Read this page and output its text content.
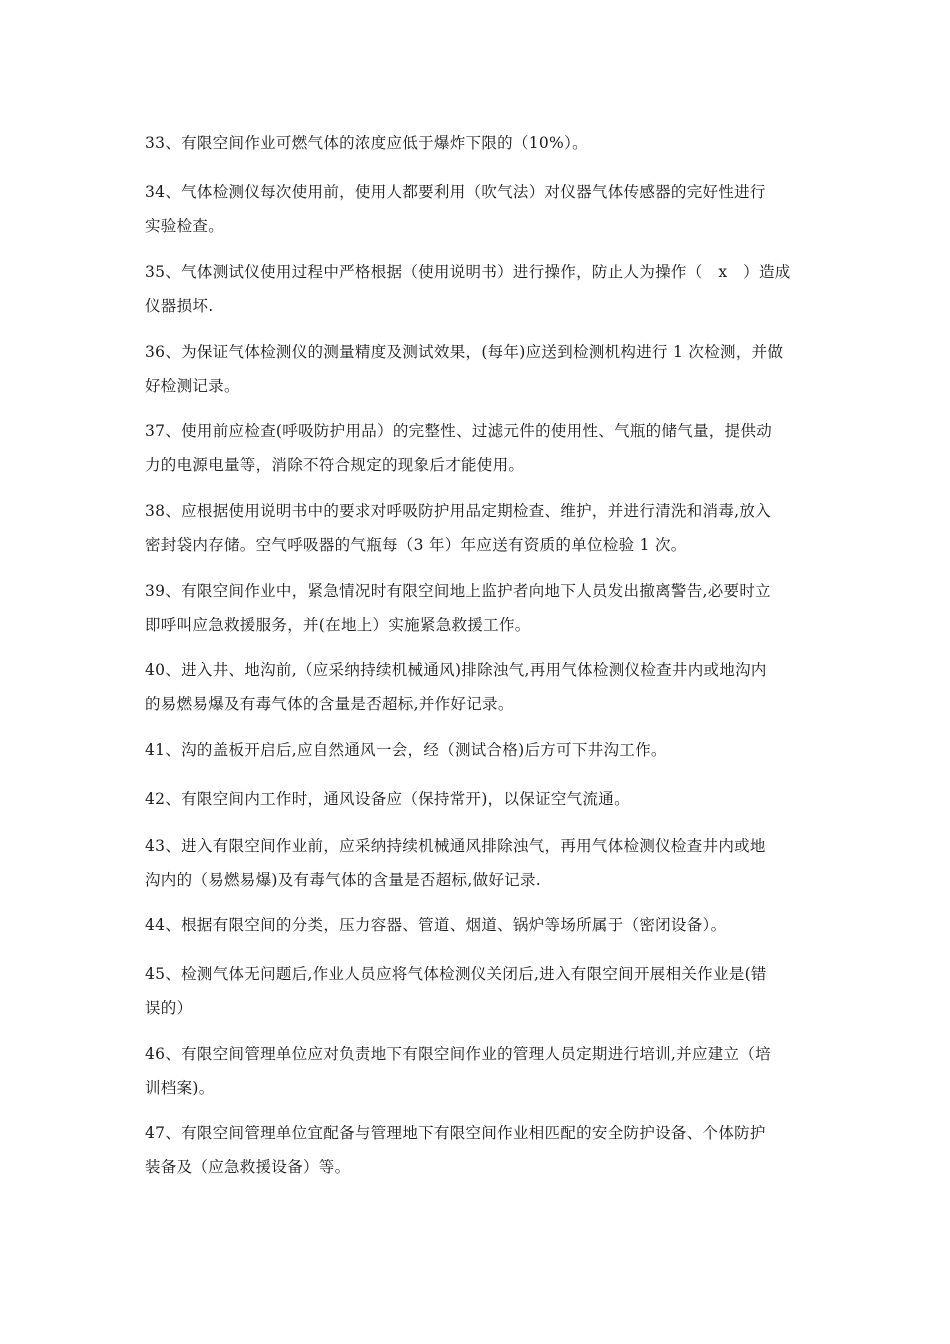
33、有限空间作业可燃气体的浓度应低于爆炸下限的（10%）。

34、气体检测仪每次使用前，使用人都要利用（吹气法）对仪器气体传感器的完好性进行
实验检查。

35、气体测试仪使用过程中严格根据（使用说明书）进行操作，防止人为操作（　x　）造成
仪器损坏.

36、为保证气体检测仪的测量精度及测试效果，(每年)应送到检测机构进行 1 次检测，并做
好检测记录。

37、使用前应检查(呼吸防护用品）的完整性、过滤元件的使用性、气瓶的储气量，提供动
力的电源电量等，消除不符合规定的现象后才能使用。

38、应根据使用说明书中的要求对呼吸防护用品定期检查、维护，并进行清洗和消毒,放入
密封袋内存储。空气呼吸器的气瓶每（3 年）年应送有资质的单位检验 1 次。

39、有限空间作业中，紧急情况时有限空间地上监护者向地下人员发出撤离警告,必要时立
即呼叫应急救援服务，并(在地上）实施紧急救援工作。

40、进入井、地沟前,（应采纳持续机械通风)排除浊气,再用气体检测仪检查井内或地沟内
的易燃易爆及有毒气体的含量是否超标,并作好记录。

41、沟的盖板开启后,应自然通风一会，经（测试合格)后方可下井沟工作。

42、有限空间内工作时，通风设备应（保持常开)，以保证空气流通。

43、进入有限空间作业前，应采纳持续机械通风排除浊气，再用气体检测仪检查井内或地
沟内的（易燃易爆)及有毒气体的含量是否超标,做好记录.

44、根据有限空间的分类，压力容器、管道、烟道、锅炉等场所属于（密闭设备）。

45、检测气体无问题后,作业人员应将气体检测仪关闭后,进入有限空间开展相关作业是(错
误的）

46、有限空间管理单位应对负责地下有限空间作业的管理人员定期进行培训,并应建立（培
训档案)。

47、有限空间管理单位宜配备与管理地下有限空间作业相匹配的安全防护设备、个体防护
装备及（应急救援设备）等。
